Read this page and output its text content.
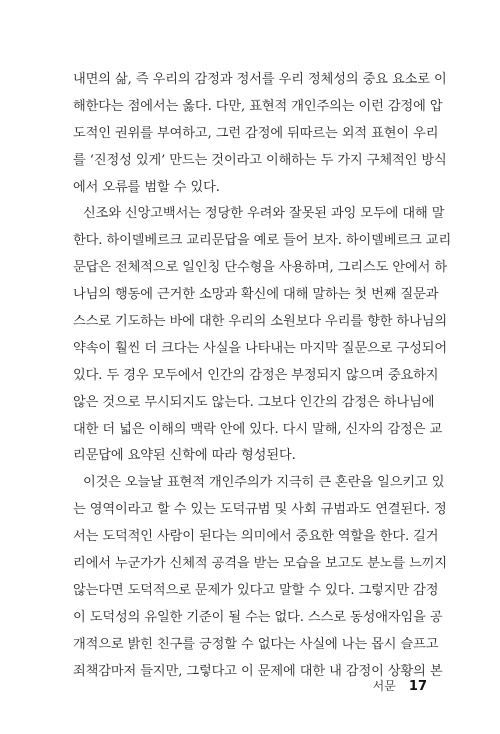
내면의 삶, 즉 우리의 감정과 정서를 우리 정체성의 중요 요소로 이
해한다는 점에서는 옳다. 다만, 표현적 개인주의는 이런 감정에 압
도적인 권위를 부여하고, 그런 감정에 뒤따르는 외적 표현이 우리
를 ‘진정성 있게’ 만드는 것이라고 이해하는 두 가지 구체적인 방식
에서 오류를 범할 수 있다.
신조와 신앙고백서는 정당한 우려와 잘못된 과잉 모두에 대해 말
한다. 하이델베르크 교리문답을 예로 들어 보자. 하이델베르크 교리
문답은 전체적으로 일인칭 단수형을 사용하며, 그리스도 안에서 하
나님의 행동에 근거한 소망과 확신에 대해 말하는 첫 번째 질문과
스스로 기도하는 바에 대한 우리의 소원보다 우리를 향한 하나님의
약속이 훨씬 더 크다는 사실을 나타내는 마지막 질문으로 구성되어
있다. 두 경우 모두에서 인간의 감정은 부정되지 않으며 중요하지
않은 것으로 무시되지도 않는다. 그보다 인간의 감정은 하나님에
대한 더 넓은 이해의 맥락 안에 있다. 다시 말해, 신자의 감정은 교
리문답에 요약된 신학에 따라 형성된다.
이것은 오늘날 표현적 개인주의가 지극히 큰 혼란을 일으키고 있
는 영역이라고 할 수 있는 도덕규범 및 사회 규범과도 연결된다. 정
서는 도덕적인 사람이 된다는 의미에서 중요한 역할을 한다. 길거
리에서 누군가가 신체적 공격을 받는 모습을 보고도 분노를 느끼지
않는다면 도덕적으로 문제가 있다고 말할 수 있다. 그렇지만 감정
이 도덕성의 유일한 기준이 될 수는 없다. 스스로 동성애자임을 공
개적으로 밝힌 친구를 긍정할 수 없다는 사실에 나는 몹시 슬프고
죄책감마저 들지만, 그렇다고 이 문제에 대한 내 감정이 상황의 본
서문 17
